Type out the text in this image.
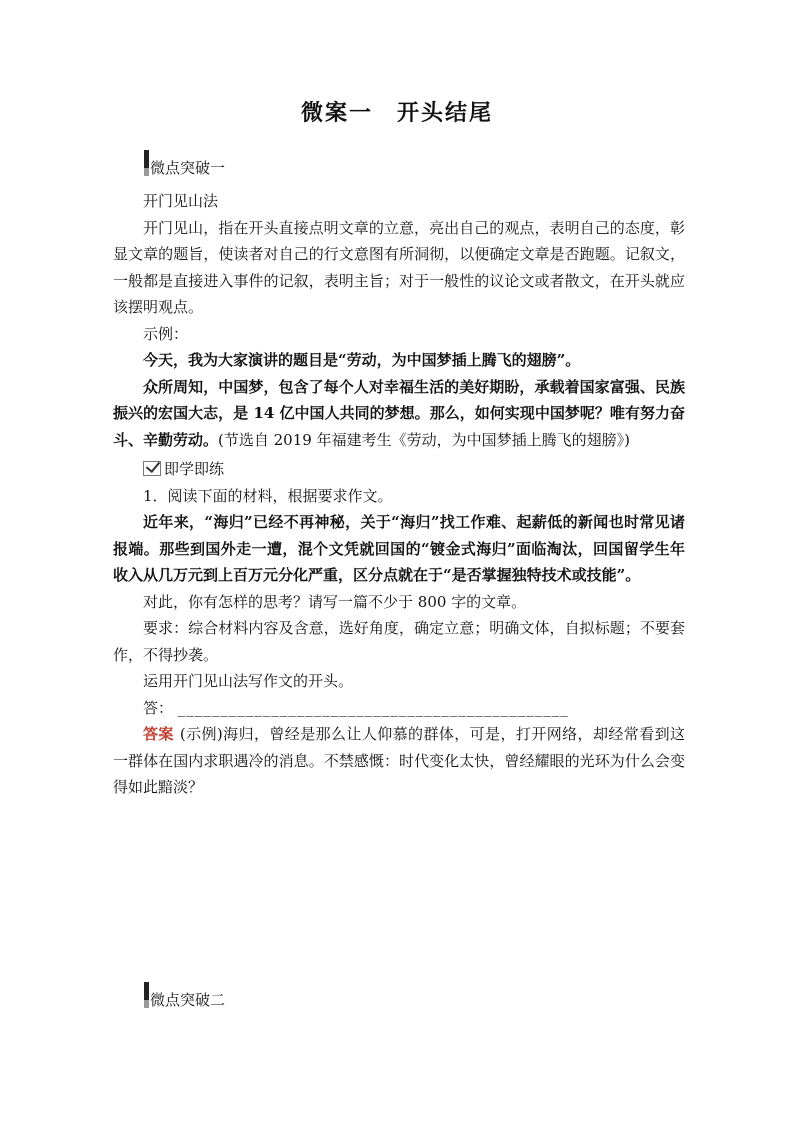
微案一　开头结尾
微点突破一

开门见山法

开门见山，指在开头直接点明文章的立意，亮出自己的观点，表明自己的态度，彰显文章的题旨，使读者对自己的行文意图有所洞彻，以便确定文章是否跑题。记叙文，一般都是直接进入事件的记叙，表明主旨；对于一般性的议论文或者散文，在开头就应该摆明观点。

示例：

今天，我为大家演讲的题目是“劳动，为中国梦插上腾飞的翅膀”。

众所周知，中国梦，包含了每个人对幸福生活的美好期盼，承载着国家富强、民族振兴的宏国大志，是 14 亿中国人共同的梦想。那么，如何实现中国梦呢？唯有努力奋斗、辛勤劳动。(节选自 2019 年福建考生《劳动，为中国梦插上腾飞的翅膀》)

即学即练

1．阅读下面的材料，根据要求作文。

近年来，“海归”已经不再神秘，关于“海归”找工作难、起薪低的新闻也时常见诸报端。那些到国外走一遭，混个文凭就回国的“镀金式海归”面临淘汰，回国留学生年收入从几万元到上百万元分化严重，区分点就在于“是否掌握独特技术或技能”。

对此，你有怎样的思考？请写一篇不少于 800 字的文章。

要求：综合材料内容及含意，选好角度，确定立意；明确文体，自拟标题；不要套作，不得抄袭。

运用开门见山法写作文的开头。

答： ______________________________________________

答案 (示例)海归，曾经是那么让人仰慕的群体，可是，打开网络，却经常看到这一群体在国内求职遇冷的消息。不禁感慨：时代变化太快，曾经耀眼的光环为什么会变得如此黯淡？

微点突破二
